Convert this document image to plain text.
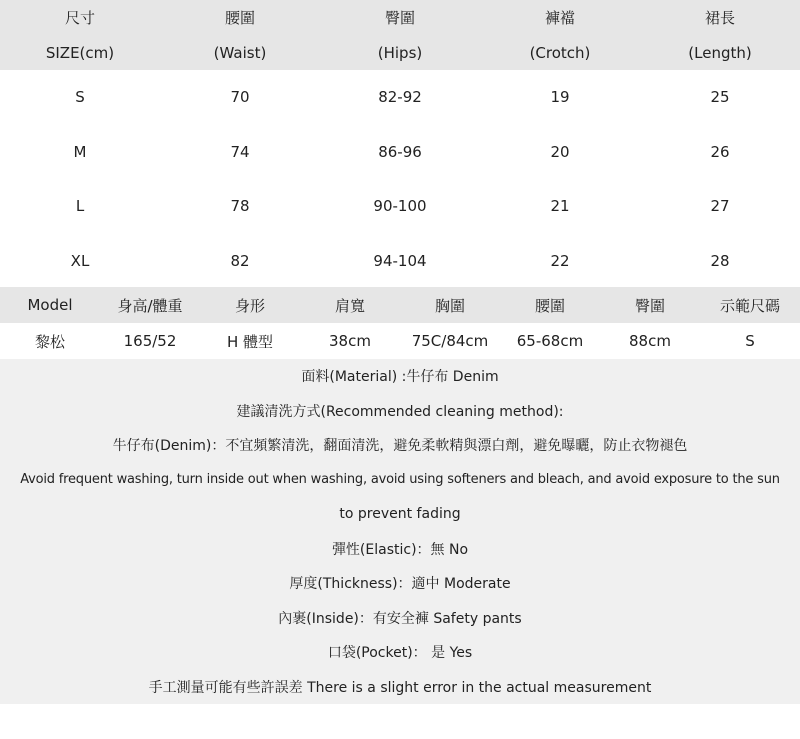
尺寸	腰圍	臀圍	褲襠	裙長
SIZE(cm)	(Waist)	(Hips)	(Crotch)	(Length)
S	70	82-92	19	25
M	74	86-96	20	26
L	78	90-100	21	27
XL	82	94-104	22	28
Model	身高/體重	身形	肩寬	胸圍	腰圍	臀圍	示範尺碼
黎松	165/52	H 體型	38cm	75C/84cm	65-68cm	88cm	S
面料(Material) :牛仔布 Denim
建議清洗方式(Recommended cleaning method):
牛仔布(Denim)：不宜頻繁清洗，翻面清洗，避免柔軟精與漂白劑，避免曝曬，防止衣物褪色
Avoid frequent washing, turn inside out when washing, avoid using softeners and bleach, and avoid exposure to the sun
to prevent fading
彈性(Elastic)：無 No
厚度(Thickness)：適中 Moderate
內裹(Inside)：有安全褲 Safety pants
口袋(Pocket)： 是 Yes
手工測量可能有些許誤差 There is a slight error in the actual measurement
